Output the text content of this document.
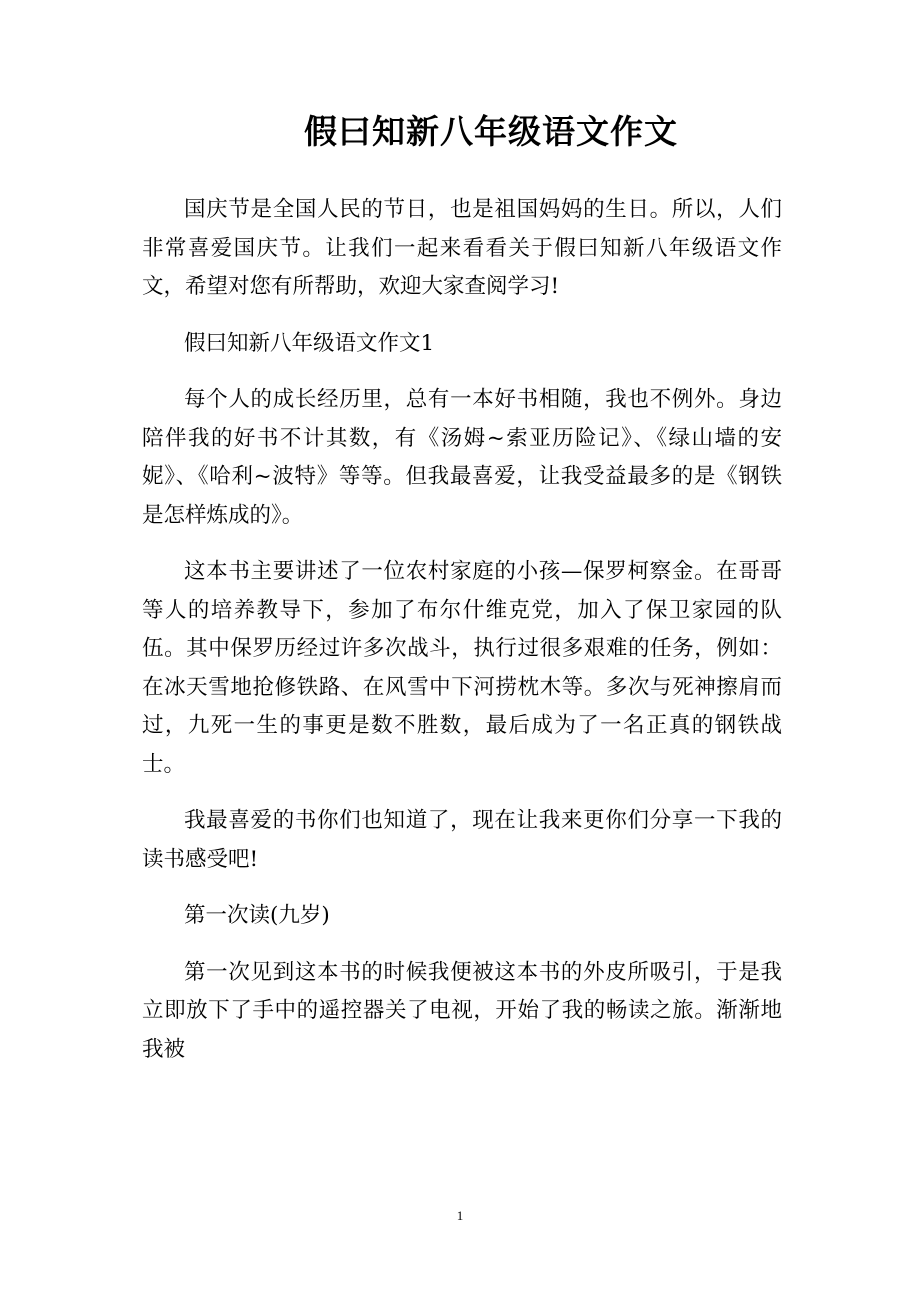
假曰知新八年级语文作文

国庆节是全国人民的节日，也是祖国妈妈的生日。所以，人们非常喜爱国庆节。让我们一起来看看关于假曰知新八年级语文作文，希望对您有所帮助，欢迎大家查阅学习!

假曰知新八年级语文作文1

每个人的成长经历里，总有一本好书相随，我也不例外。身边陪伴我的好书不计其数，有《汤姆~索亚历险记》、《绿山墙的安妮》、《哈利~波特》等等。但我最喜爱，让我受益最多的是《钢铁是怎样炼成的》。

这本书主要讲述了一位农村家庭的小孩—保罗柯察金。在哥哥等人的培养教导下，参加了布尔什维克党，加入了保卫家园的队伍。其中保罗历经过许多次战斗，执行过很多艰难的任务，例如：在冰天雪地抢修铁路、在风雪中下河捞枕木等。多次与死神擦肩而过，九死一生的事更是数不胜数，最后成为了一名正真的钢铁战士。

我最喜爱的书你们也知道了，现在让我来更你们分享一下我的读书感受吧!

第一次读(九岁)

第一次见到这本书的时候我便被这本书的外皮所吸引，于是我立即放下了手中的遥控器关了电视，开始了我的畅读之旅。渐渐地我被

1
